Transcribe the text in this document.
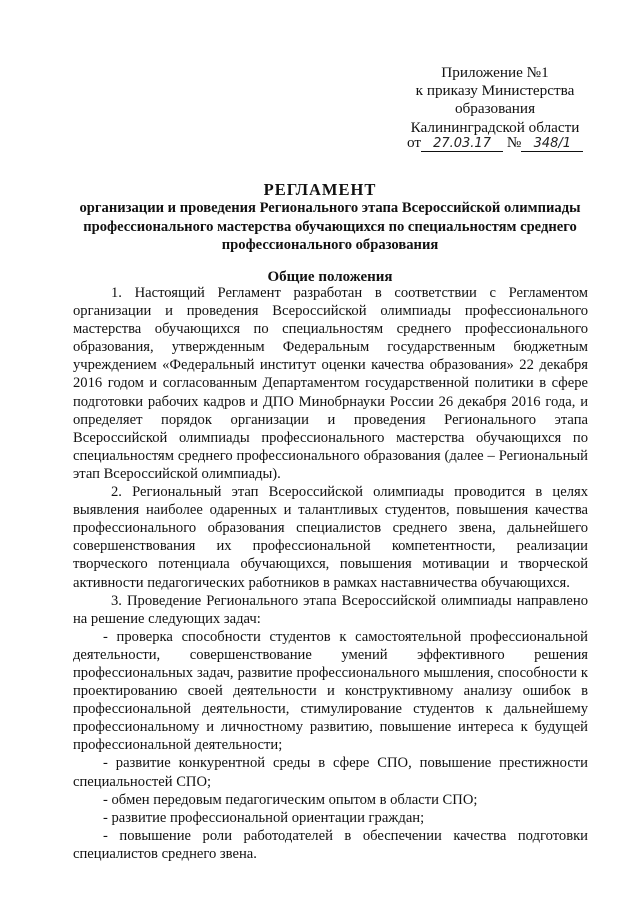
Приложение №1
к приказу Министерства
образования
Калининградской области
от 27.03.17 № 348/1
РЕГЛАМЕНТ
организации и проведения Регионального этапа Всероссийской олимпиады профессионального мастерства обучающихся по специальностям среднего профессионального образования
Общие положения

1. Настоящий Регламент разработан в соответствии с Регламентом организации и проведения Всероссийской олимпиады профессионального мастерства обучающихся по специальностям среднего профессионального образования, утвержденным Федеральным государственным бюджетным учреждением «Федеральный институт оценки качества образования» 22 декабря 2016 годом и согласованным Департаментом государственной политики в сфере подготовки рабочих кадров и ДПО Минобрнауки России 26 декабря 2016 года, и определяет порядок организации и проведения Регионального этапа Всероссийской олимпиады профессионального мастерства обучающихся по специальностям среднего профессионального образования (далее – Региональный этап Всероссийской олимпиады).

2. Региональный этап Всероссийской олимпиады проводится в целях выявления наиболее одаренных и талантливых студентов, повышения качества профессионального образования специалистов среднего звена, дальнейшего совершенствования их профессиональной компетентности, реализации творческого потенциала обучающихся, повышения мотивации и творческой активности педагогических работников в рамках наставничества обучающихся.

3. Проведение Регионального этапа Всероссийской олимпиады направлено на решение следующих задач:

- проверка способности студентов к самостоятельной профессиональной деятельности, совершенствование умений эффективного решения профессиональных задач, развитие профессионального мышления, способности к проектированию своей деятельности и конструктивному анализу ошибок в профессиональной деятельности, стимулирование студентов к дальнейшему профессиональному и личностному развитию, повышение интереса к будущей профессиональной деятельности;

- развитие конкурентной среды в сфере СПО, повышение престижности специальностей СПО;

- обмен передовым педагогическим опытом в области СПО;

- развитие профессиональной ориентации граждан;

- повышение роли работодателей в обеспечении качества подготовки специалистов среднего звена.
